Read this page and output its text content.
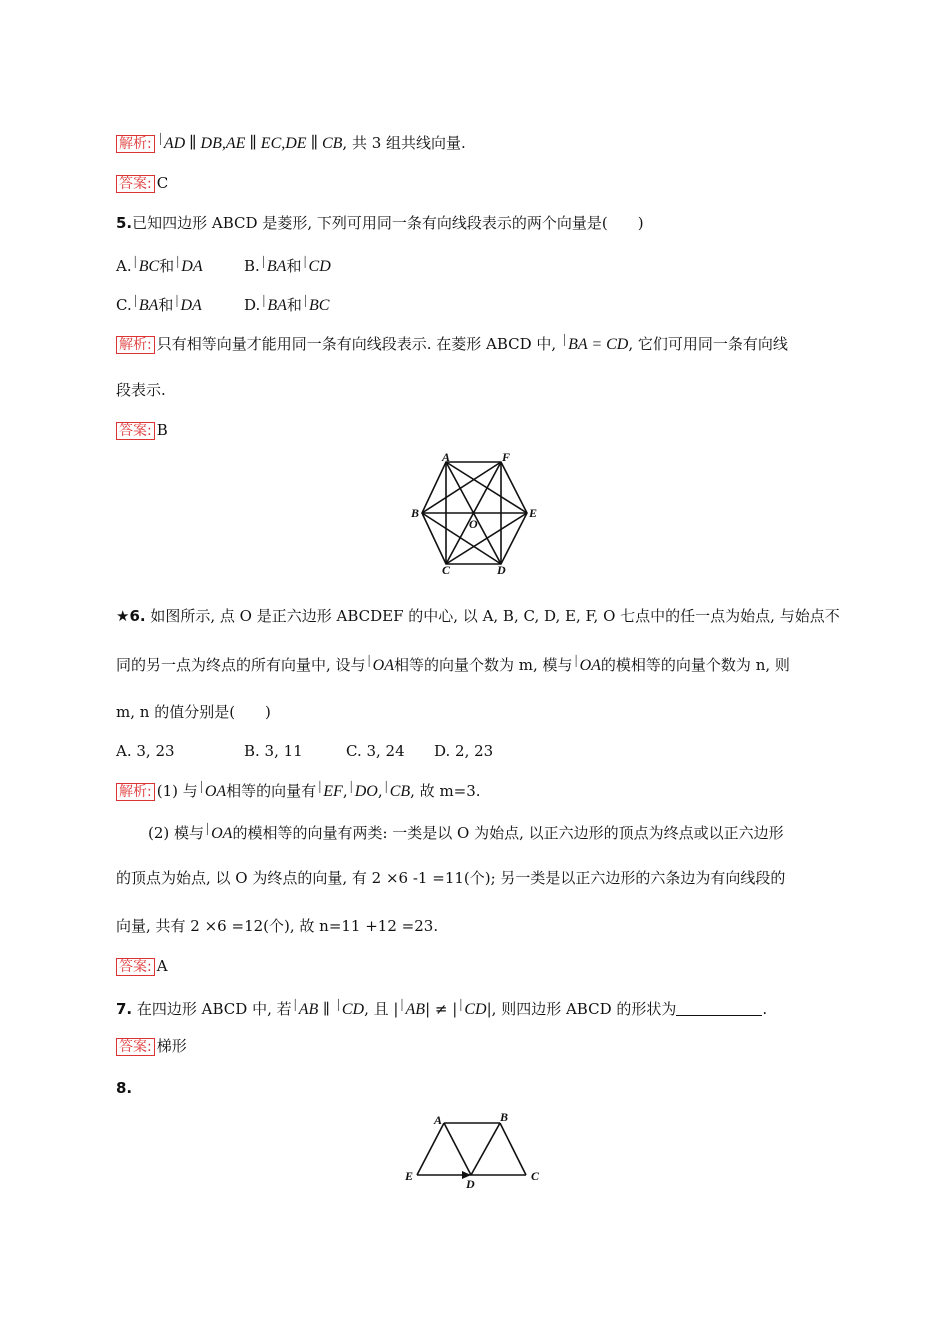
解析: │ AD ∥ DB,AE ∥ EC,DE ∥ CB, 共 3 组共线向量.
答案: C
5.已知四边形 ABCD 是菱形, 下列可用同一条有向线段表示的两个向量是(　　)
A. │ BC和 │ DA	B. │ BA和 │ CD
C. │ BA和 │ DA	D. │ BA和 │ BC
解析: 只有相等向量才能用同一条有向线段表示. 在菱形 ABCD 中, │ BA = CD, 它们可用同一条有向线
段表示.
答案: B
A	F
B
O
E
C	D
★6. 如图所示, 点 O 是正六边形 ABCDEF 的中心, 以 A, B, C, D, E, F, O 七点中的任一点为始点, 与始点不
同的另一点为终点的所有向量中, 设与 │ OA相等的向量个数为 m, 模与 │ OA的模相等的向量个数为 n, 则
m, n 的值分别是(　　)
A. 3, 23	B. 3, 11	C. 3, 24 D. 2, 23
解析: (1) 与 │ OA相等的向量有 │ EF, │ DO, │ CB, 故 m=3.
(2) 模与 │ OA的模相等的向量有两类: 一类是以 O 为始点, 以正六边形的顶点为终点或以正六边形
的顶点为始点, 以 O 为终点的向量, 有 2 ×6 -1 =11(个); 另一类是以正六边形的六条边为有向线段的
向量, 共有 2 ×6 =12(个), 故 n=11 +12 =23.
答案: A
7. 在四边形 ABCD 中, 若 │ AB ∥ │ CD, 且 | │ AB| ≠ | │ CD|, 则四边形 ABCD 的形状为	.
答案: 梯形
8.
A	B
E
D
C
